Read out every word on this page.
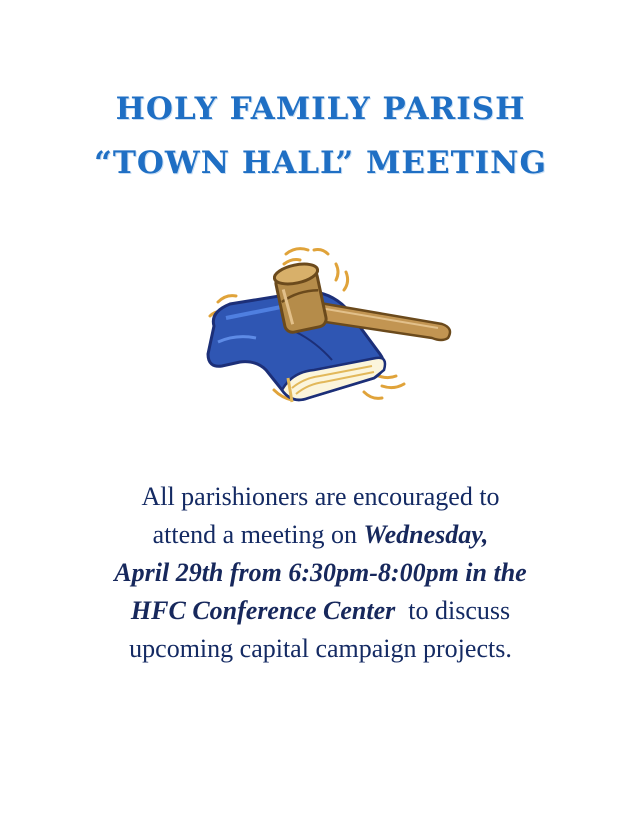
HOLY FAMILY PARISH
“TOWN HALL” MEETING
All parishioners are encouraged to
attend a meeting on Wednesday,
April 29th from 6:30pm-8:00pm in the
HFC Conference Center to discuss
upcoming capital campaign projects.
